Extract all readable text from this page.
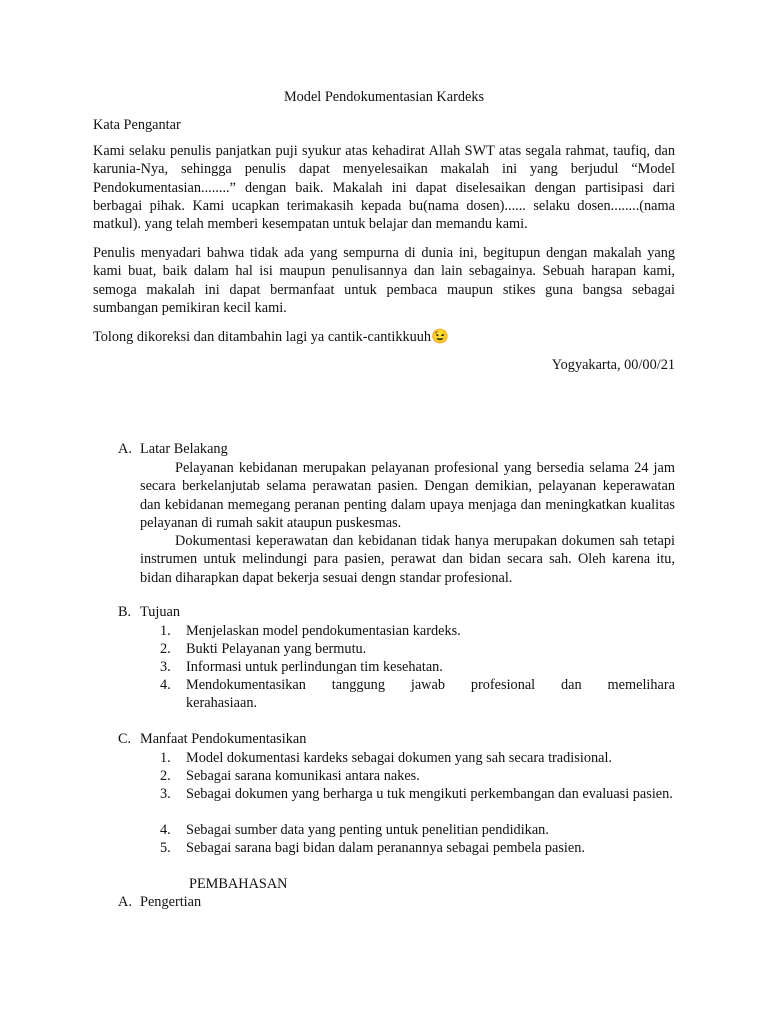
Model Pendokumentasian Kardeks
Kata Pengantar
Kami selaku penulis panjatkan puji syukur atas kehadirat Allah SWT atas segala rahmat, taufiq, dan karunia-Nya, sehingga penulis dapat menyelesaikan makalah ini yang berjudul “Model Pendokumentasian........” dengan baik. Makalah ini dapat diselesaikan dengan partisipasi dari berbagai pihak. Kami ucapkan terimakasih kepada bu(nama dosen)...... selaku dosen........(nama matkul). yang telah memberi kesempatan untuk belajar dan memandu kami.
Penulis menyadari bahwa tidak ada yang sempurna di dunia ini, begitupun dengan makalah yang kami buat, baik dalam hal isi maupun penulisannya dan lain sebagainya. Sebuah harapan kami, semoga makalah ini dapat bermanfaat untuk pembaca maupun stikes guna bangsa sebagai sumbangan pemikiran kecil kami.
Tolong dikoreksi dan ditambahin lagi ya cantik-cantikkuuh😉
Yogyakarta, 00/00/21
A. Latar Belakang
Pelayanan kebidanan merupakan pelayanan profesional yang bersedia selama 24 jam secara berkelanjutab selama perawatan pasien. Dengan demikian, pelayanan keperawatan dan kebidanan memegang peranan penting dalam upaya menjaga dan meningkatkan kualitas pelayanan di rumah sakit ataupun puskesmas.
Dokumentasi keperawatan dan kebidanan tidak hanya merupakan dokumen sah tetapi instrumen untuk melindungi para pasien, perawat dan bidan secara sah. Oleh karena itu, bidan diharapkan dapat bekerja sesuai dengn standar profesional.
B. Tujuan
1.	Menjelaskan model pendokumentasian kardeks.
2.	Bukti Pelayanan yang bermutu.
3.	Informasi untuk perlindungan tim kesehatan.
4.	Mendokumentasikan tanggung jawab profesional dan memelihara
kerahasiaan.
C. Manfaat Pendokumentasikan
1.	Model dokumentasi kardeks sebagai dokumen yang sah secara tradisional.
2.	Sebagai sarana komunikasi antara nakes.
3.	Sebagai dokumen yang berharga u tuk mengikuti perkembangan dan evaluasi pasien.
4.	Sebagai sumber data yang penting untuk penelitian pendidikan.
5.	Sebagai sarana bagi bidan dalam peranannya sebagai pembela pasien.
PEMBAHASAN
A. Pengertian
